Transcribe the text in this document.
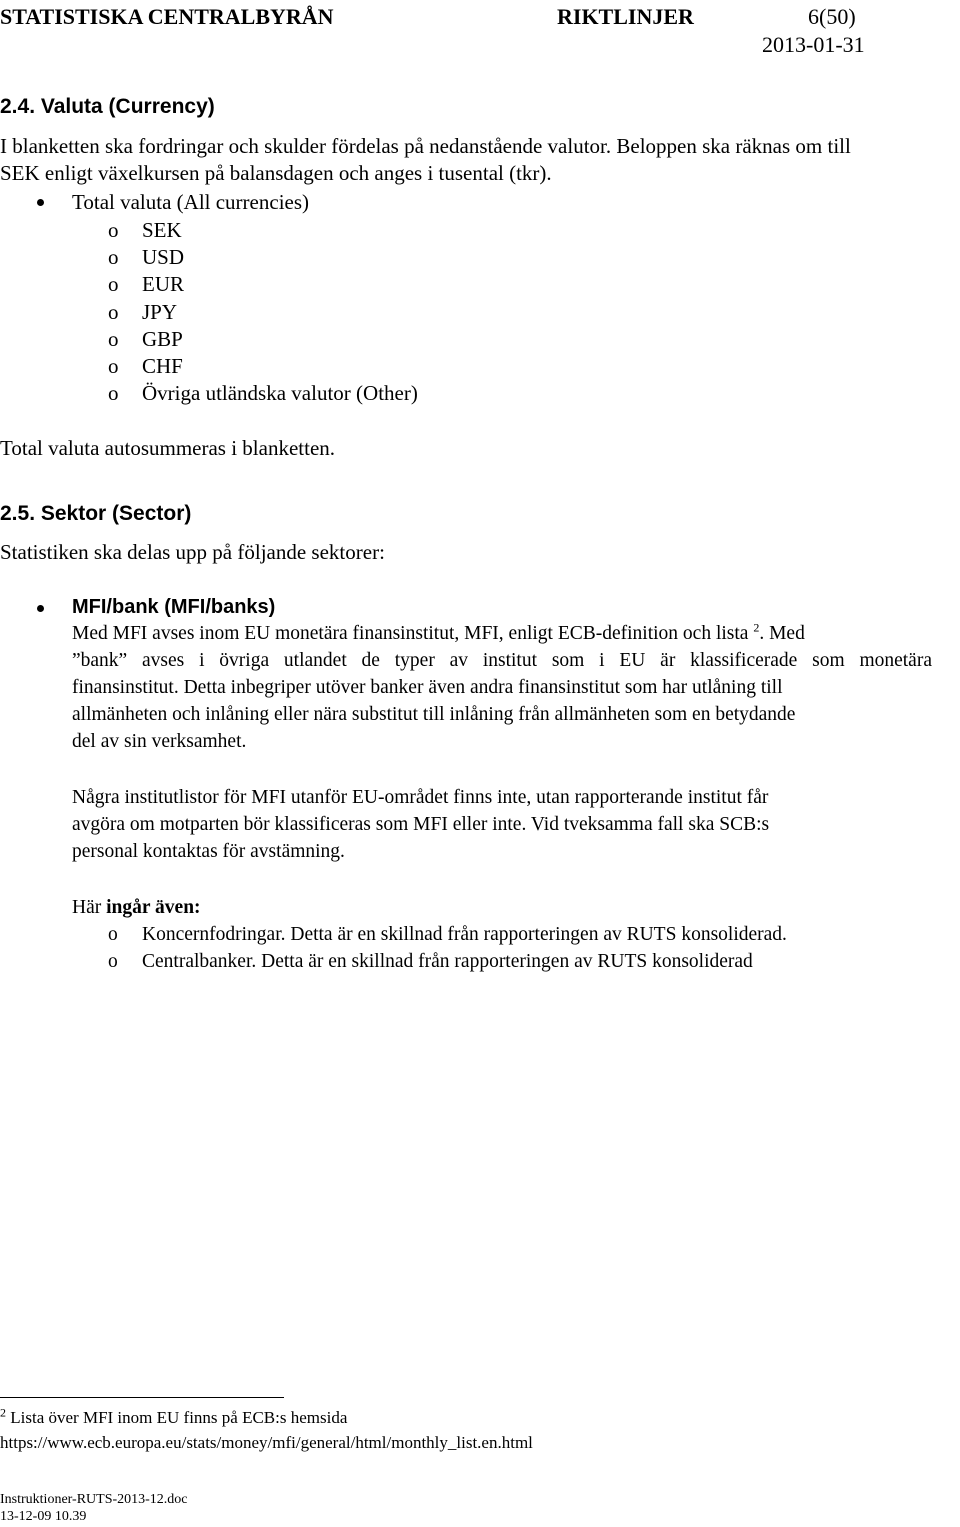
STATISTISKA CENTRALBYRÅN	RIKTLINJER	6(50)
2013-01-31
2.4. Valuta (Currency)
I blanketten ska fordringar och skulder fördelas på nedanstående valutor. Beloppen ska räknas om till
SEK enligt växelkursen på balansdagen och anges i tusental (tkr).
Total valuta (All currencies)
o SEK
o USD
o EUR
o JPY
o GBP
o CHF
o Övriga utländska valutor (Other)
Total valuta autosummeras i blanketten.
2.5. Sektor (Sector)
Statistiken ska delas upp på följande sektorer:
MFI/bank (MFI/banks)
Med MFI avses inom EU monetära finansinstitut, MFI, enligt ECB-definition och lista $^2$. Med
”bank” avses i övriga utlandet de typer av institut som i EU är klassificerade som monetära
finansinstitut. Detta inbegriper utöver banker även andra finansinstitut som har utlåning till
allmänheten och inlåning eller nära substitut till inlåning från allmänheten som en betydande
del av sin verksamhet.
Några institutlistor för MFI utanför EU-området finns inte, utan rapporterande institut får
avgöra om motparten bör klassificeras som MFI eller inte. Vid tveksamma fall ska SCB:s
personal kontaktas för avstämning.
Här ingår även:
o Koncernfodringar. Detta är en skillnad från rapporteringen av RUTS konsoliderad.
o Centralbanker. Detta är en skillnad från rapporteringen av RUTS konsoliderad
$^2$ Lista över MFI inom EU finns på ECB:s hemsida
https://www.ecb.europa.eu/stats/money/mfi/general/html/monthly_list.en.html
Instruktioner-RUTS-2013-12.doc
13-12-09 10.39
